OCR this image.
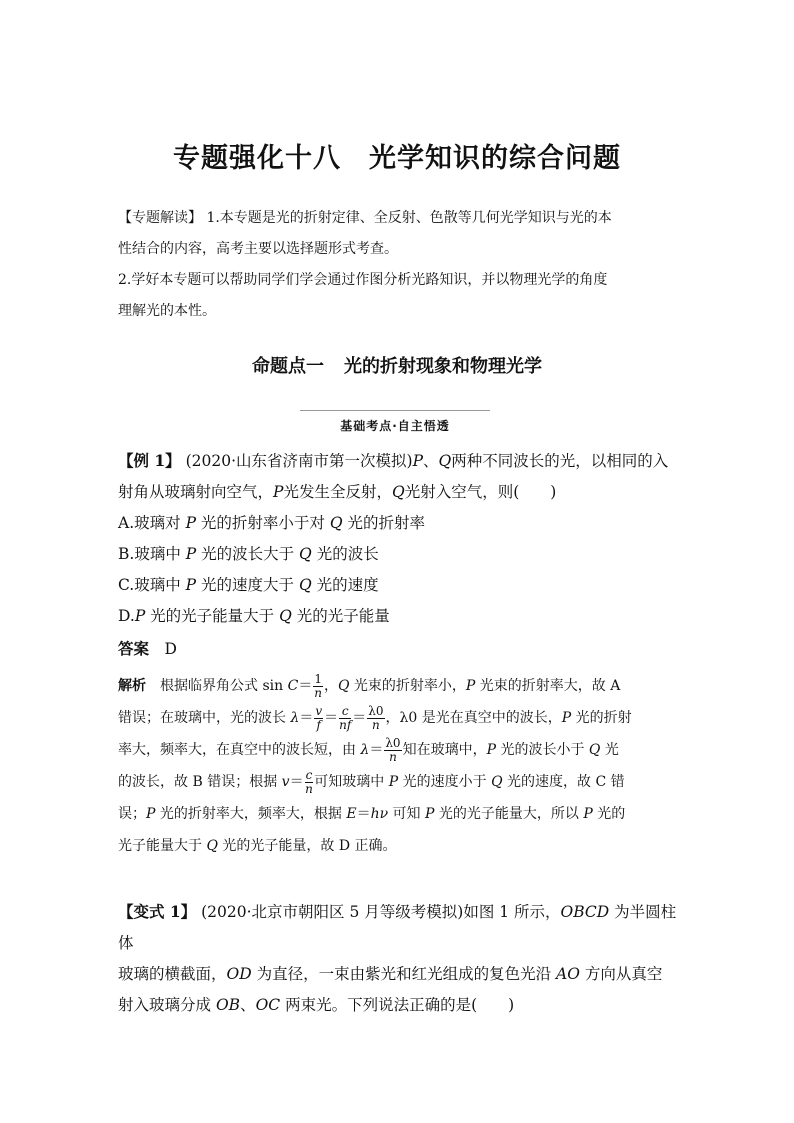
专题强化十八 光学知识的综合问题

【专题解读】 1.本专题是光的折射定律、全反射、色散等几何光学知识与光的本
性结合的内容，高考主要以选择题形式考查。

2.学好本专题可以帮助同学们学会通过作图分析光路知识，并以物理光学的角度
理解光的本性。

命题点一 光的折射现象和物理光学
基础考点·自主悟透

【例 1】 (2020·山东省济南市第一次模拟)P、Q两种不同波长的光，以相同的入
射角从玻璃射向空气，P光发生全反射，Q光射入空气，则(　　)

A.玻璃对 P 光的折射率小于对 Q 光的折射率

B.玻璃中 P 光的波长大于 Q 光的波长

C.玻璃中 P 光的速度大于 Q 光的速度

D.P 光的光子能量大于 Q 光的光子能量

答案　 D

解析　 根据临界角公式 $\sin C= \frac{1}{n}$ ，Q 光束的折射率小，P 光束的折射率大，故 A
错误；在玻璃中，光的波长 $\lambda= \frac{v}{f} = \frac{c}{nf} = \frac{\lambda 0}{n}$ ，λ0 是光在真空中的波长，P 光的折射
率大，频率大，在真空中的波长短，由 $\lambda= \frac{\lambda 0}{n}$ 知在玻璃中，P 光的波长小于 Q 光
的波长，故 B 错误；根据 $v= \frac{c}{n}$ 可知玻璃中 P 光的速度小于 Q 光的速度，故 C 错
误；P 光的折射率大，频率大，根据 E＝hν 可知 P 光的光子能量大，所以 P 光的
光子能量大于 Q 光的光子能量，故 D 正确。

【变式 1】 (2020·北京市朝阳区 5 月等级考模拟)如图 1 所示，OBCD 为半圆柱体
玻璃的横截面，OD 为直径，一束由紫光和红光组成的复色光沿 AO 方向从真空
射入玻璃分成 OB、OC 两束光。下列说法正确的是(　　)
